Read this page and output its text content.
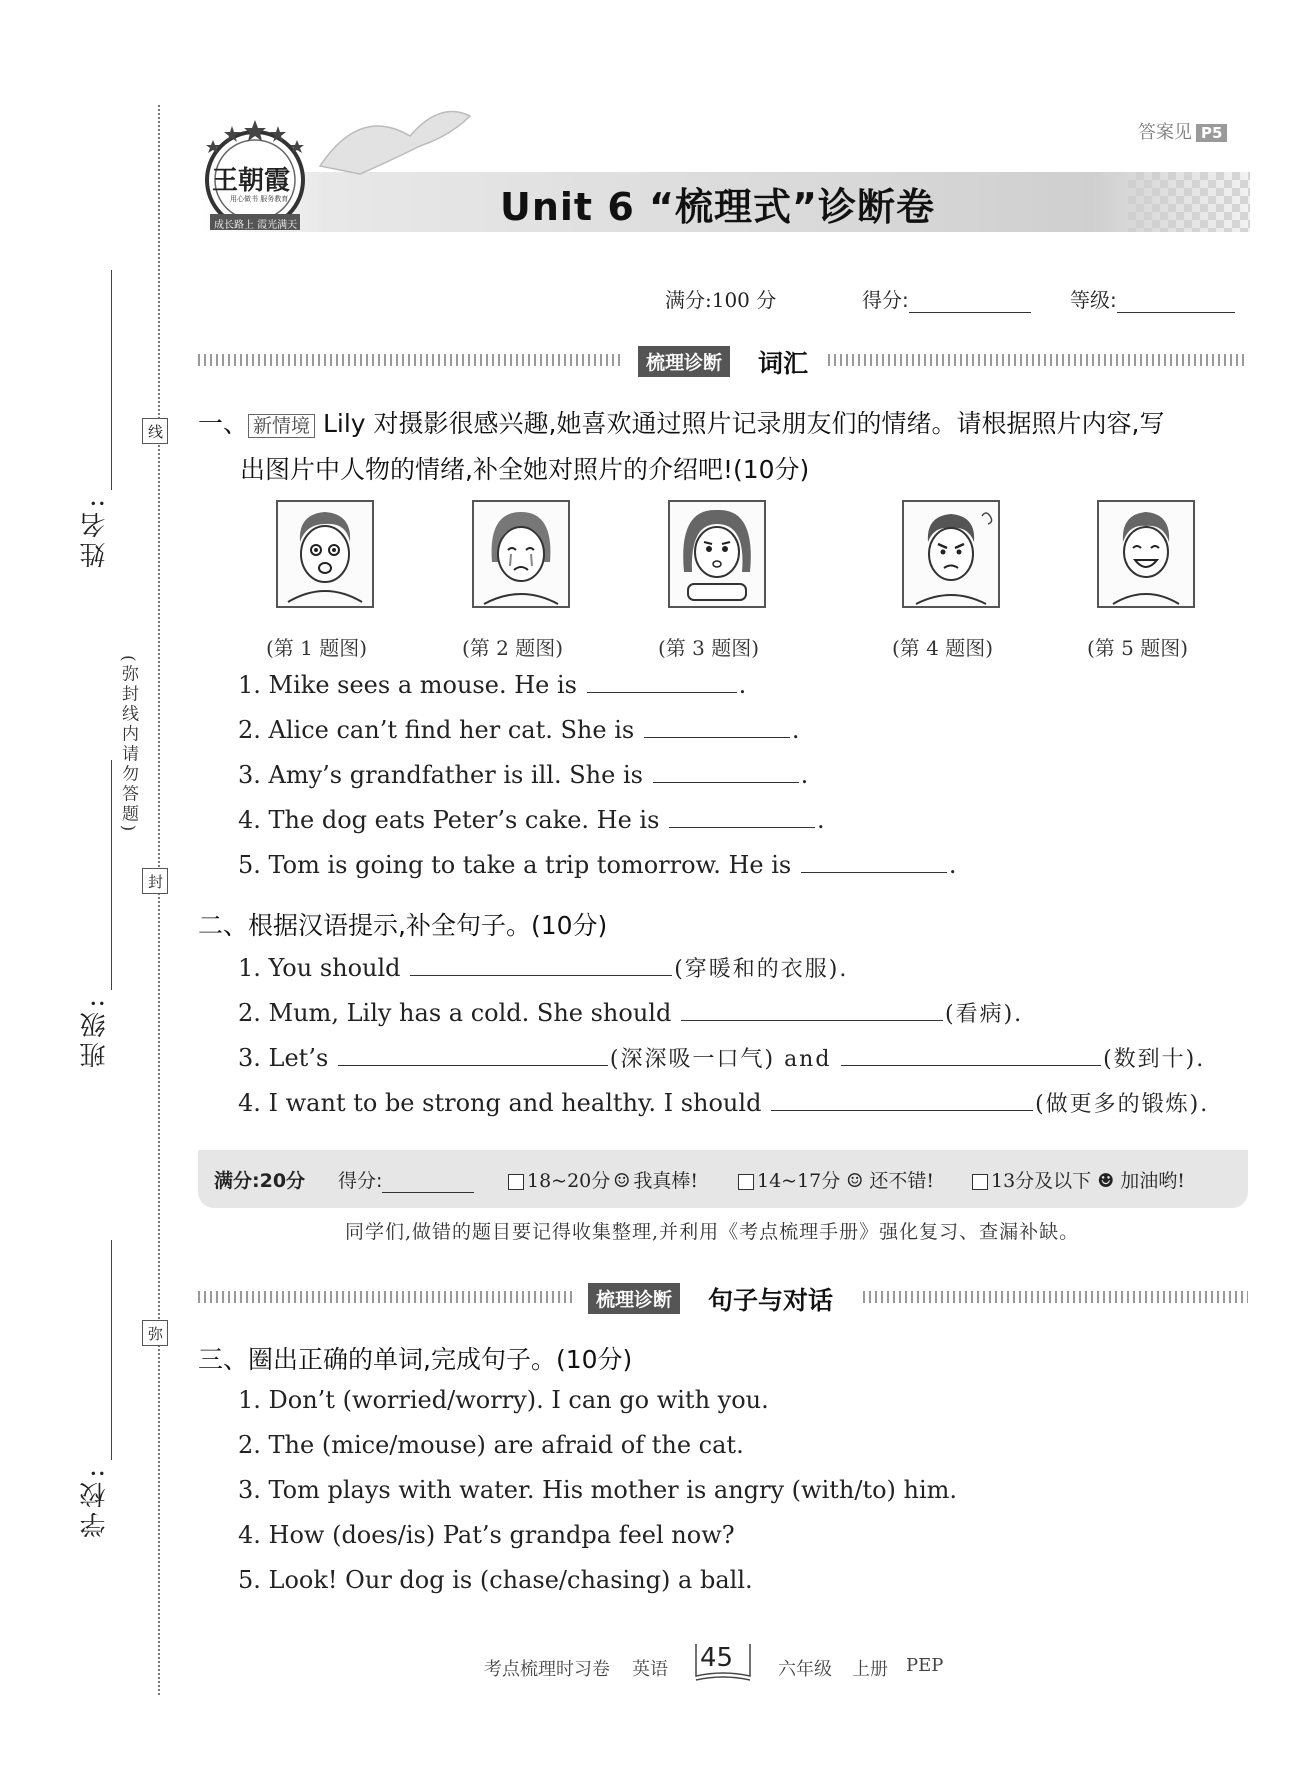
姓名:
线
(弥封线内请勿答题)
封
班级:
弥
学校:
答案见 P5
王朝霞
用心做书 服务教育
成长路上 霞光满天	Unit 6 “梳理式”诊断卷
满分:100 分	得分:	等级:
梳理诊断	词汇
一、 新情境 Lily 对摄影很感兴趣,她喜欢通过照片记录朋友们的情绪。请根据照片内容,写
出图片中人物的情绪,补全她对照片的介绍吧!(10分)
(第 1 题图)	(第 2 题图)	(第 3 题图)	(第 4 题图)	(第 5 题图)
1. Mike sees a mouse. He is	.
2. Alice can’t find her cat. She is	.
3. Amy’s grandfather is ill. She is	.
4. The dog eats Peter’s cake. He is	.
5. Tom is going to take a trip tomorrow. He is	.
二、根据汉语提示,补全句子。(10分)
1. You should	(穿暖和的衣服).
2. Mum, Lily has a cold. She should	(看病).
3. Let’s	(深深吸一口气) and	(数到十).
4. I want to be strong and healthy. I should	(做更多的锻炼).
满分:20分 得分:	18~20分 ☺ 我真棒!	14~17分 ☺ 还不错!	13分及以下 ☻ 加油哟!
同学们,做错的题目要记得收集整理,并利用《考点梳理手册》强化复习、查漏补缺。
梳理诊断	句子与对话
三、圈出正确的单词,完成句子。(10分)
1. Don’t (worried/worry). I can go with you.
2. The (mice/mouse) are afraid of the cat.
3. Tom plays with water. His mother is angry (with/to) him.
4. How (does/is) Pat’s grandpa feel now?
5. Look! Our dog is (chase/chasing) a ball.
考点梳理时习卷 英语 45 六年级 上册 PEP
